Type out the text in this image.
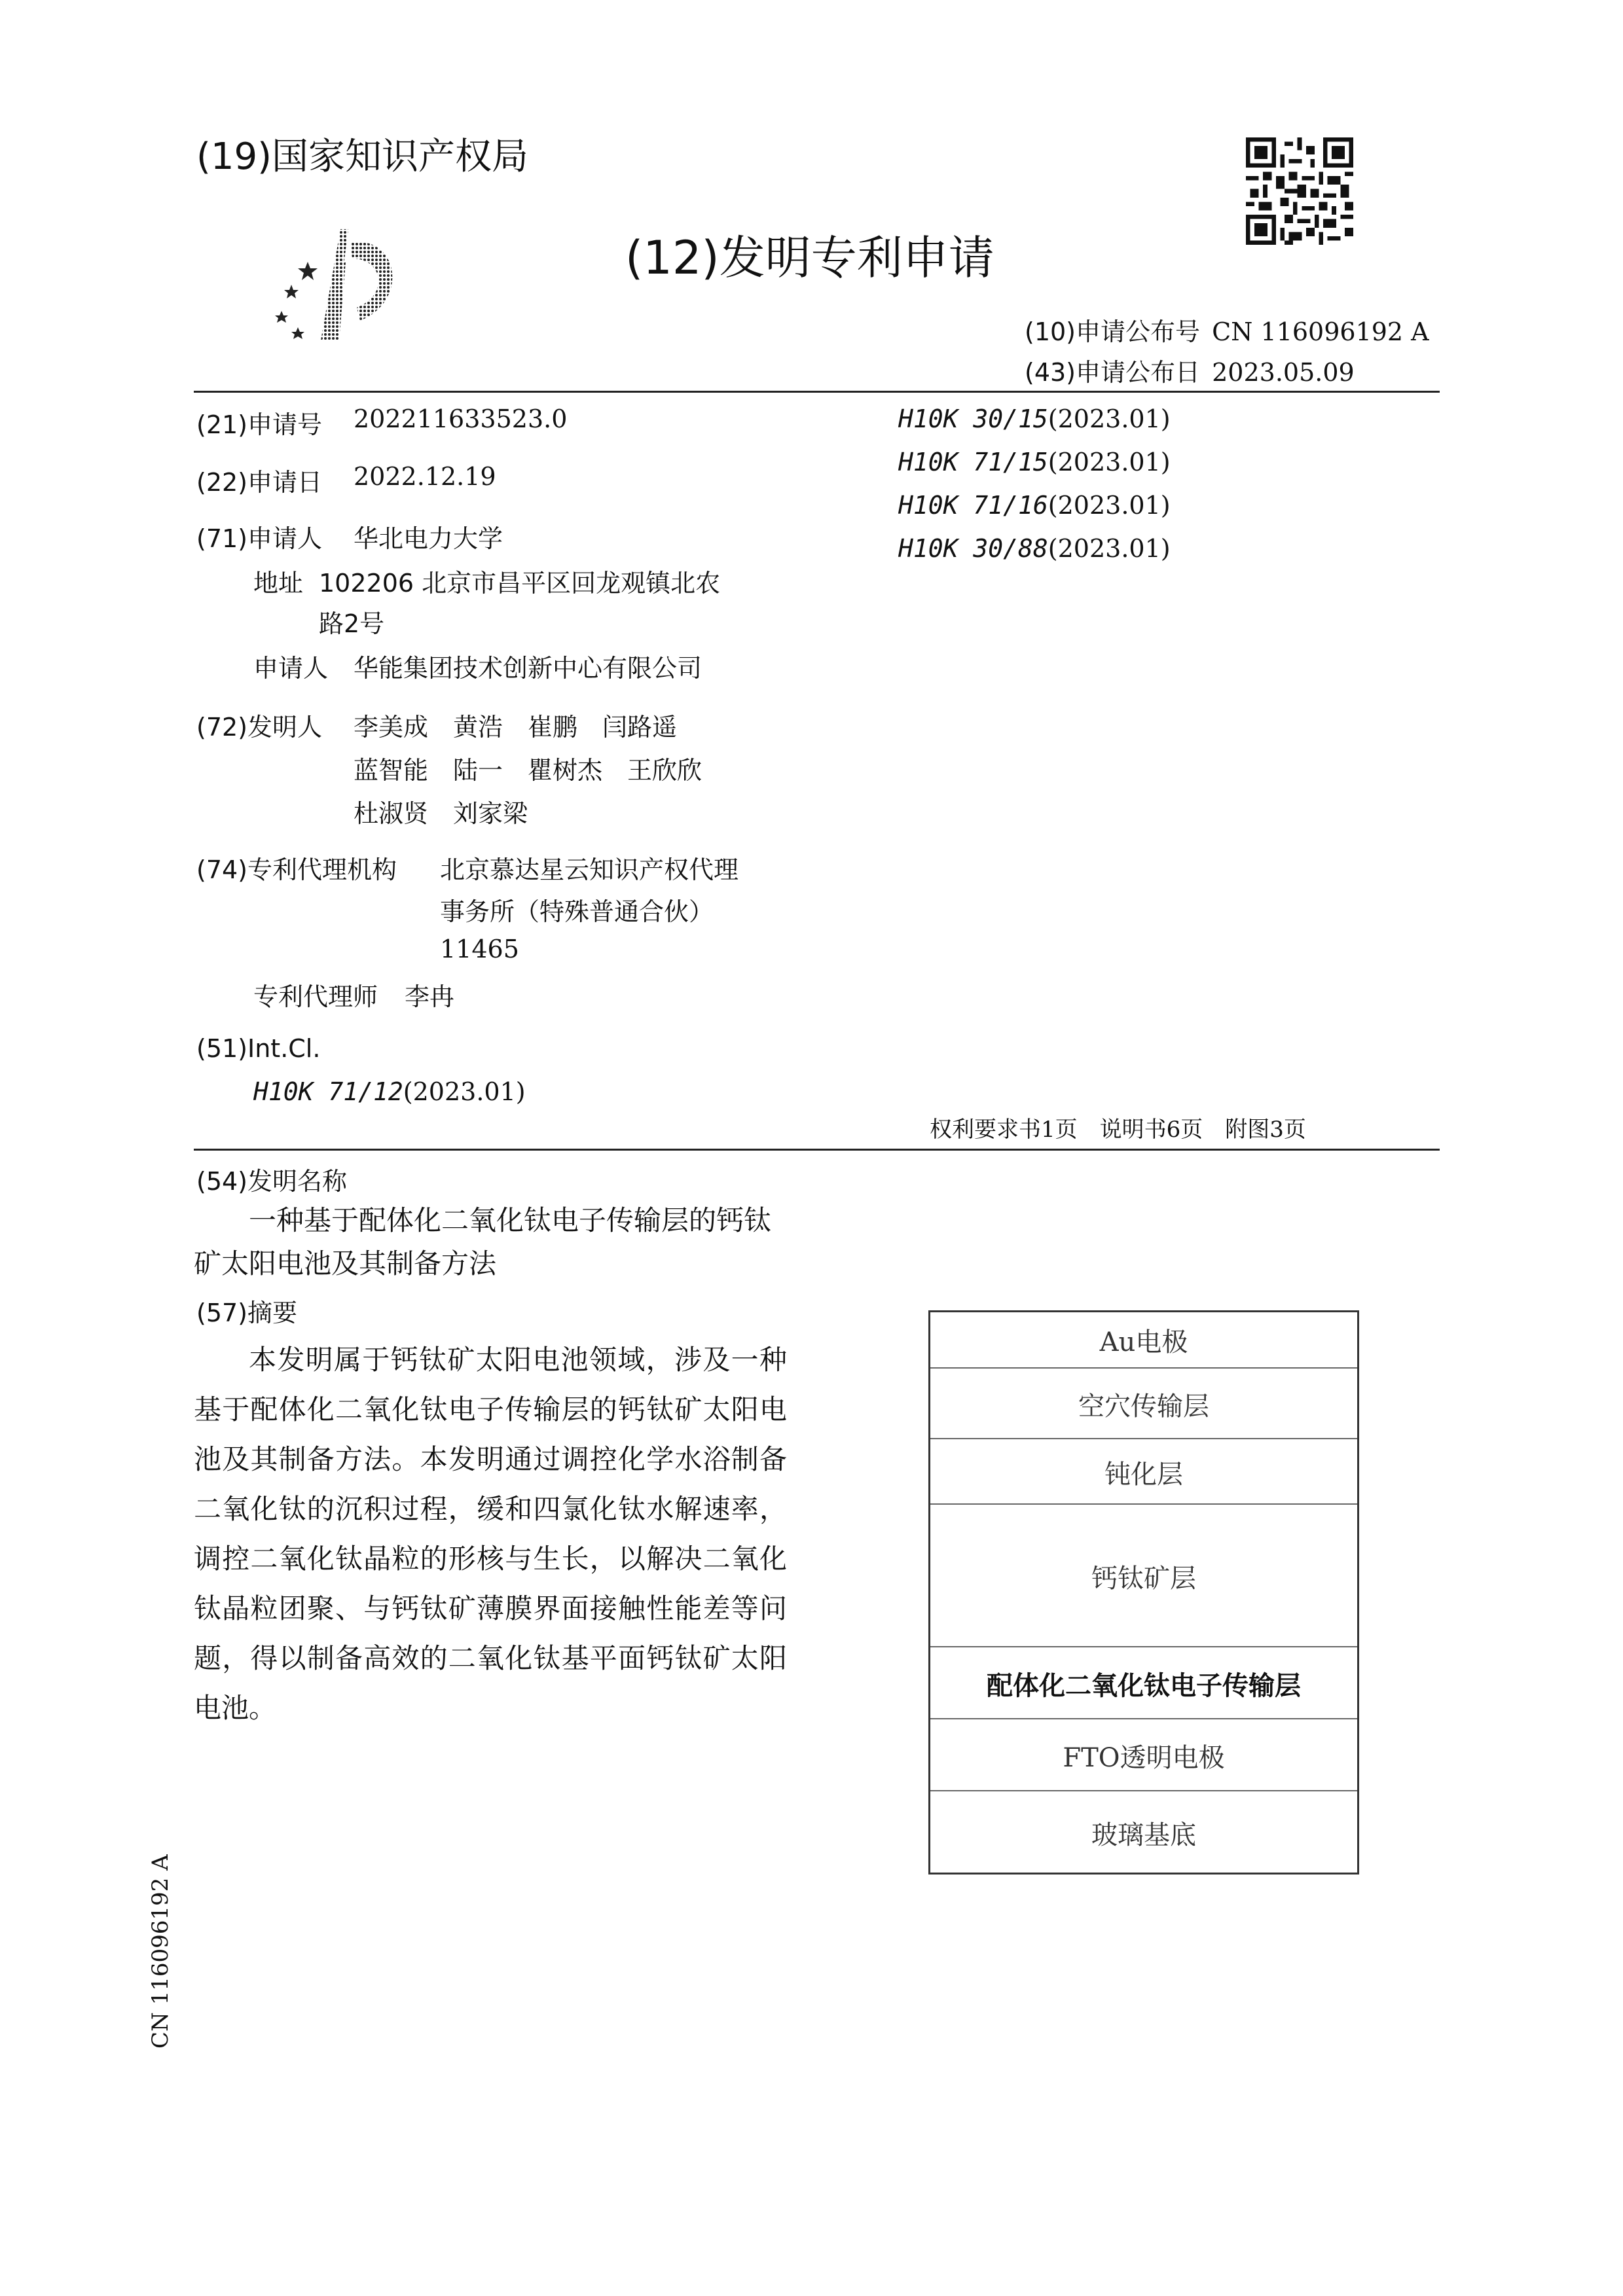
(19)国家知识产权局
(12)发明专利申请
(10)申请公布号 CN 116096192 A
(43)申请公布日 2023.05.09
(21)申请号 202211633523.0
(22)申请日 2022.12.19
(71)申请人 华北电力大学
地址 102206 北京市昌平区回龙观镇北农
路2号
申请人 华能集团技术创新中心有限公司
(72)发明人 李美成　黄浩　崔鹏　闫路遥
蓝智能　陆一　瞿树杰　王欣欣
杜淑贤　刘家梁
(74)专利代理机构 北京慕达星云知识产权代理
事务所（特殊普通合伙）
11465
专利代理师 李冉
(51)Int.Cl.
H10K 71/12(2023.01)
H10K 30/15(2023.01)
H10K 71/15(2023.01)
H10K 71/16(2023.01)
H10K 30/88(2023.01)
权利要求书1页　说明书6页　附图3页
(54)发明名称

一种基于配体化二氧化钛电子传输层的钙钛矿太阳电池及其制备方法

(57)摘要

本发明属于钙钛矿太阳电池领域，涉及一种基于配体化二氧化钛电子传输层的钙钛矿太阳电池及其制备方法。本发明通过调控化学水浴制备二氧化钛的沉积过程，缓和四氯化钛水解速率，调控二氧化钛晶粒的形核与生长，以解决二氧化钛晶粒团聚、与钙钛矿薄膜界面接触性能差等问题，得以制备高效的二氧化钛基平面钙钛矿太阳电池。

Au电极
空穴传输层
钝化层
钙钛矿层
配体化二氧化钛电子传输层
FTO透明电极
玻璃基底
CN 116096192 A
